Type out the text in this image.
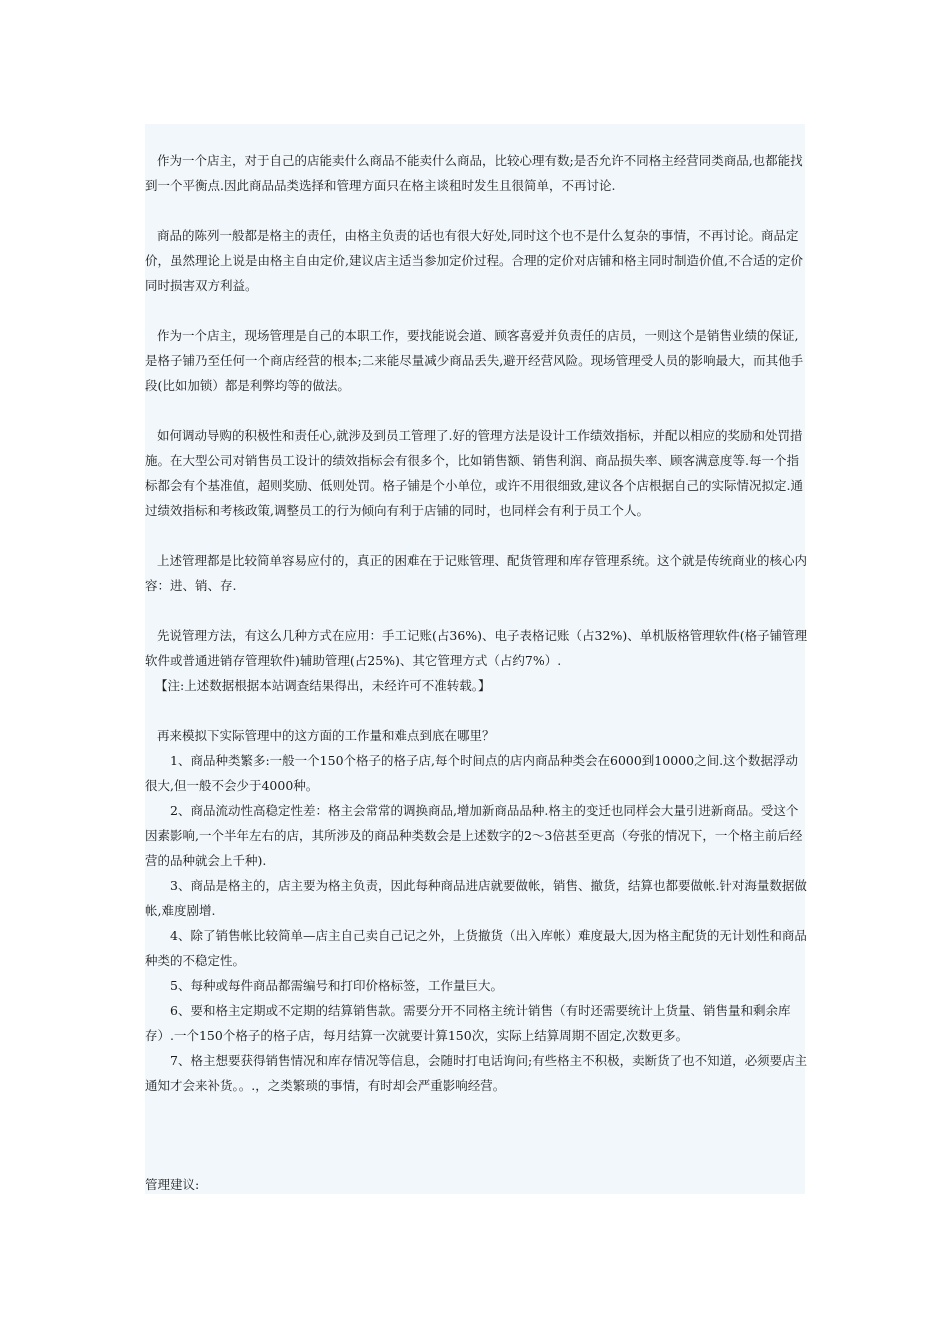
作为一个店主，对于自己的店能卖什么商品不能卖什么商品，比较心理有数;是否允许不同格主经营同类商品,也都能找到一个平衡点.因此商品品类选择和管理方面只在格主谈租时发生且很简单，不再讨论.

商品的陈列一般都是格主的责任，由格主负责的话也有很大好处,同时这个也不是什么复杂的事情，不再讨论。商品定价，虽然理论上说是由格主自由定价,建议店主适当参加定价过程。合理的定价对店铺和格主同时制造价值,不合适的定价同时损害双方利益。

作为一个店主，现场管理是自己的本职工作，要找能说会道、顾客喜爱并负责任的店员，一则这个是销售业绩的保证,是格子铺乃至任何一个商店经营的根本;二来能尽量减少商品丢失,避开经营风险。现场管理受人员的影响最大，而其他手段(比如加锁）都是利弊均等的做法。

如何调动导购的积极性和责任心,就涉及到员工管理了.好的管理方法是设计工作绩效指标，并配以相应的奖励和处罚措施。在大型公司对销售员工设计的绩效指标会有很多个，比如销售额、销售利润、商品损失率、顾客满意度等.每一个指标都会有个基准值，超则奖励、低则处罚。格子铺是个小单位，或许不用很细致,建议各个店根据自己的实际情况拟定.通过绩效指标和考核政策,调整员工的行为倾向有利于店铺的同时，也同样会有利于员工个人。

上述管理都是比较简单容易应付的，真正的困难在于记账管理、配货管理和库存管理系统。这个就是传统商业的核心内容：进、销、存.

先说管理方法，有这么几种方式在应用：手工记账(占36%)、电子表格记账（占32%)、单机版格管理软件(格子铺管理软件或普通进销存管理软件)辅助管理(占25%)、其它管理方式（占约7%）.

【注:上述数据根据本站调查结果得出，未经许可不准转载。】

再来模拟下实际管理中的这方面的工作量和难点到底在哪里？

1、商品种类繁多:一般一个150个格子的格子店,每个时间点的店内商品种类会在6000到10000之间.这个数据浮动很大,但一般不会少于4000种。

2、商品流动性高稳定性差：格主会常常的调换商品,增加新商品品种.格主的变迁也同样会大量引进新商品。受这个因素影响,一个半年左右的店，其所涉及的商品种类数会是上述数字的2～3倍甚至更高（夸张的情况下，一个格主前后经营的品种就会上千种).

3、商品是格主的，店主要为格主负责，因此每种商品进店就要做帐，销售、撤货，结算也都要做帐.针对海量数据做帐,难度剧增.

4、除了销售帐比较简单—店主自己卖自己记之外，上货撤货（出入库帐）难度最大,因为格主配货的无计划性和商品种类的不稳定性。

5、每种或每件商品都需编号和打印价格标签，工作量巨大。

6、要和格主定期或不定期的结算销售款。需要分开不同格主统计销售（有时还需要统计上货量、销售量和剩余库存）.一个150个格子的格子店，每月结算一次就要计算150次，实际上结算周期不固定,次数更多。

7、格主想要获得销售情况和库存情况等信息，会随时打电话询问;有些格主不积极，卖断货了也不知道，必须要店主通知才会来补货。。.，之类繁琐的事情，有时却会严重影响经营。

管理建议:
